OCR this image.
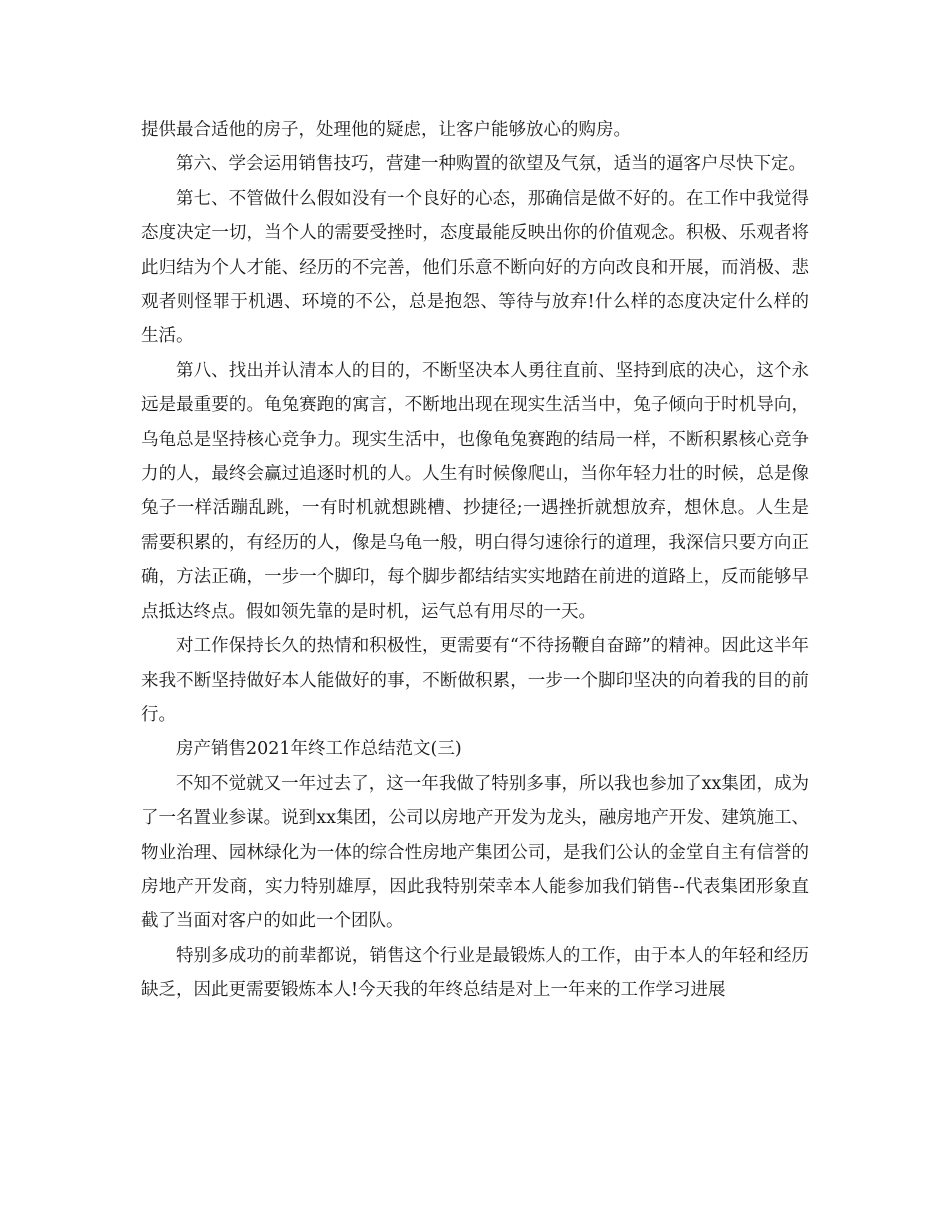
提供最合适他的房子，处理他的疑虑，让客户能够放心的购房。

第六、学会运用销售技巧，营建一种购置的欲望及气氛，适当的逼客户尽快下定。

第七、不管做什么假如没有一个良好的心态，那确信是做不好的。在工作中我觉得态度决定一切，当个人的需要受挫时，态度最能反映出你的价值观念。积极、乐观者将此归结为个人才能、经历的不完善，他们乐意不断向好的方向改良和开展，而消极、悲观者则怪罪于机遇、环境的不公，总是抱怨、等待与放弃!什么样的态度决定什么样的生活。

第八、找出并认清本人的目的，不断坚决本人勇往直前、坚持到底的决心，这个永远是最重要的。龟兔赛跑的寓言，不断地出现在现实生活当中，兔子倾向于时机导向，乌龟总是坚持核心竞争力。现实生活中，也像龟兔赛跑的结局一样，不断积累核心竞争力的人，最终会赢过追逐时机的人。人生有时候像爬山，当你年轻力壮的时候，总是像兔子一样活蹦乱跳，一有时机就想跳槽、抄捷径;一遇挫折就想放弃，想休息。人生是需要积累的，有经历的人，像是乌龟一般，明白得匀速徐行的道理，我深信只要方向正确，方法正确，一步一个脚印，每个脚步都结结实实地踏在前进的道路上，反而能够早点抵达终点。假如领先靠的是时机，运气总有用尽的一天。

对工作保持长久的热情和积极性，更需要有“不待扬鞭自奋蹄”的精神。因此这半年来我不断坚持做好本人能做好的事，不断做积累，一步一个脚印坚决的向着我的目的前行。

房产销售2021年终工作总结范文(三)

不知不觉就又一年过去了，这一年我做了特别多事，所以我也参加了xx集团，成为了一名置业参谋。说到xx集团，公司以房地产开发为龙头，融房地产开发、建筑施工、物业治理、园林绿化为一体的综合性房地产集团公司，是我们公认的金堂自主有信誉的房地产开发商，实力特别雄厚，因此我特别荣幸本人能参加我们销售--代表集团形象直截了当面对客户的如此一个团队。

特别多成功的前辈都说，销售这个行业是最锻炼人的工作，由于本人的年轻和经历缺乏，因此更需要锻炼本人!今天我的年终总结是对上一年来的工作学习进展
